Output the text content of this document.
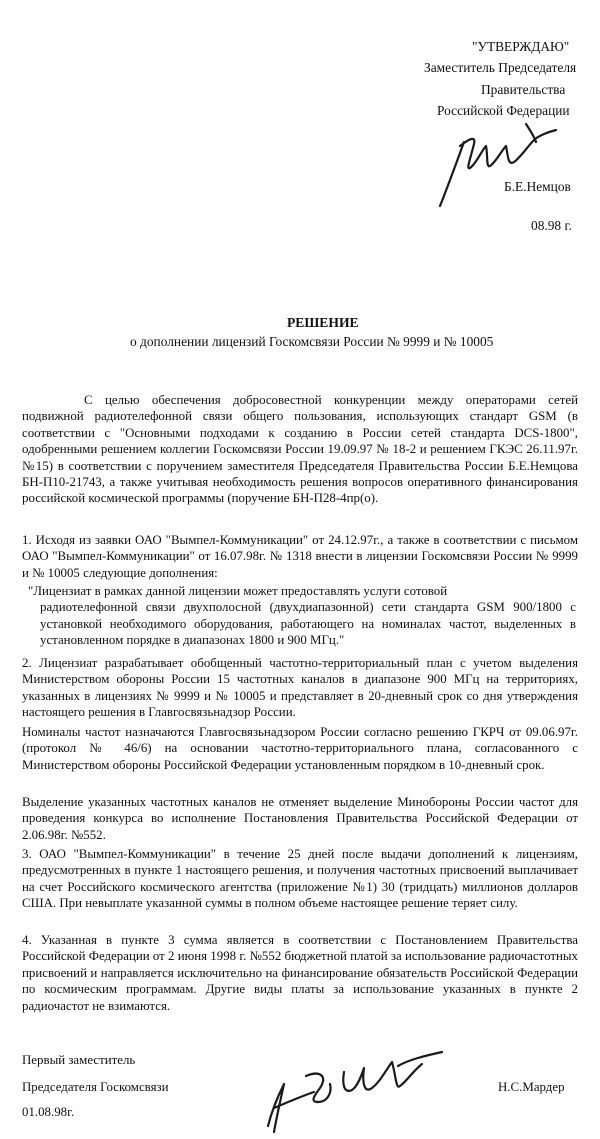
"УТВЕРЖДАЮ"
Заместитель Председателя
Правительства
Российской Федерации
Б.Е.Немцов
08.98 г.
РЕШЕНИЕ
о дополнении лицензий Госкомсвязи России № 9999 и № 10005
С целью обеспечения добросовестной конкуренции между операторами сетей подвижной радиотелефонной связи общего пользования, использующих стандарт GSM (в соответствии с "Основными подходами к созданию в России сетей стандарта DCS-1800", одобренными решением коллегии Госкомсвязи России 19.09.97 № 18-2 и решением ГКЭС 26.11.97г. №15) в соответствии с поручением заместителя Председателя Правительства России Б.Е.Немцова БН-П10-21743, а также учитывая необходимость решения вопросов оперативного финансирования российской космической программы (поручение БН-П28-4пр(о).
1. Исходя из заявки ОАО "Вымпел-Коммуникации" от 24.12.97г., а также в соответствии с письмом ОАО "Вымпел-Коммуникации" от 16.07.98г. № 1318 внести в лицензии Госкомсвязи России № 9999 и № 10005 следующие дополнения:
"Лицензиат в рамках данной лицензии может предоставлять услуги сотовой
радиотелефонной связи двухполосной (двухдиапазонной) сети стандарта GSM 900/1800 с установкой необходимого оборудования, работающего на номиналах частот, выделенных в установленном порядке в диапазонах 1800 и 900 МГц."
2. Лицензиат разрабатывает обобщенный частотно-территориальный план с учетом выделения Министерством обороны России 15 частотных каналов в диапазоне 900 МГц на территориях, указанных в лицензиях № 9999 и № 10005 и представляет в 20-дневный срок со дня утверждения настоящего решения в Главгосвязьнадзор России.
Номиналы частот назначаются Главгосвязьнадзором России согласно решению ГКРЧ от 09.06.97г. (протокол № 46/6) на основании частотно-территориального плана, согласованного с Министерством обороны Российской Федерации установленным порядком в 10-дневный срок.
Выделение указанных частотных каналов не отменяет выделение Минобороны России частот для проведения конкурса во исполнение Постановления Правительства Российской Федерации от 2.06.98г. №552.
3. ОАО "Вымпел-Коммуникации" в течение 25 дней после выдачи дополнений к лицензиям, предусмотренных в пункте 1 настоящего решения, и получения частотных присвоений выплачивает на счет Российского космического агентства (приложение №1) 30 (тридцать) миллионов долларов США. При невыплате указанной суммы в полном объеме настоящее решение теряет силу.
4. Указанная в пункте 3 сумма является в соответствии с Постановлением Правительства Российской Федерации от 2 июня 1998 г. №552 бюджетной платой за использование радиочастотных присвоений и направляется исключительно на финансирование обязательств Российской Федерации по космическим программам. Другие виды платы за использование указанных в пункте 2 радиочастот не взимаются.
Первый заместитель
Председателя Госкомсвязи
01.08.98г.
Н.С.Мардер
